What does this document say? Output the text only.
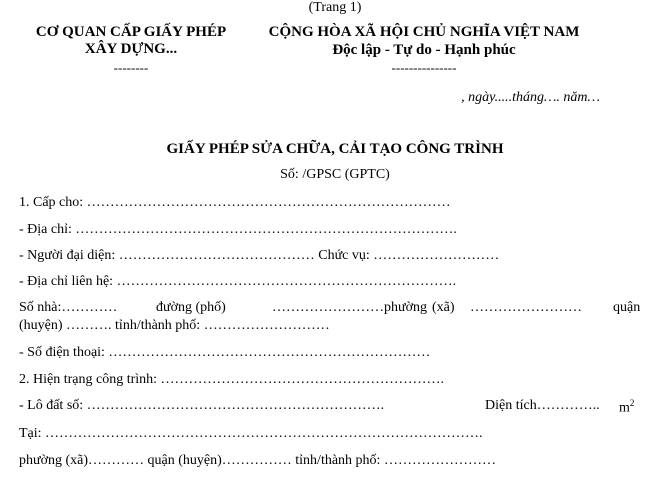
(Trang 1)
CƠ QUAN CẤP GIẤY PHÉP
XÂY DỰNG...
--------
CỘNG HÒA XÃ HỘI CHỦ NGHĨA VIỆT NAM
Độc lập - Tự do - Hạnh phúc
---------------
, ngày.....tháng…. năm…
GIẤY PHÉP SỬA CHỮA, CẢI TẠO CÔNG TRÌNH
Số: /GPSC (GPTC)
1. Cấp cho: ……………………………………………………………………
- Địa chỉ: ……………………………………………………………………….
- Người đại diện: …………………………………… Chức vụ: ………………………
- Địa chỉ liên hệ: ……………………………………………………………….
Số nhà:…………	đường (phố)	……………………phường (xã) …………………… quận
(huyện) ………. tỉnh/thành phố: ………………………
- Số điện thoại: ……………………………………………………………
2. Hiện trạng công trình: …………………………………………………….
- Lô đất số: ……………………………………………………….	Diện tích………….. $m^2$
Tại: ………………………………………………………………………………….
phường (xã)………… quận (huyện)…………… tỉnh/thành phố: ……………………
